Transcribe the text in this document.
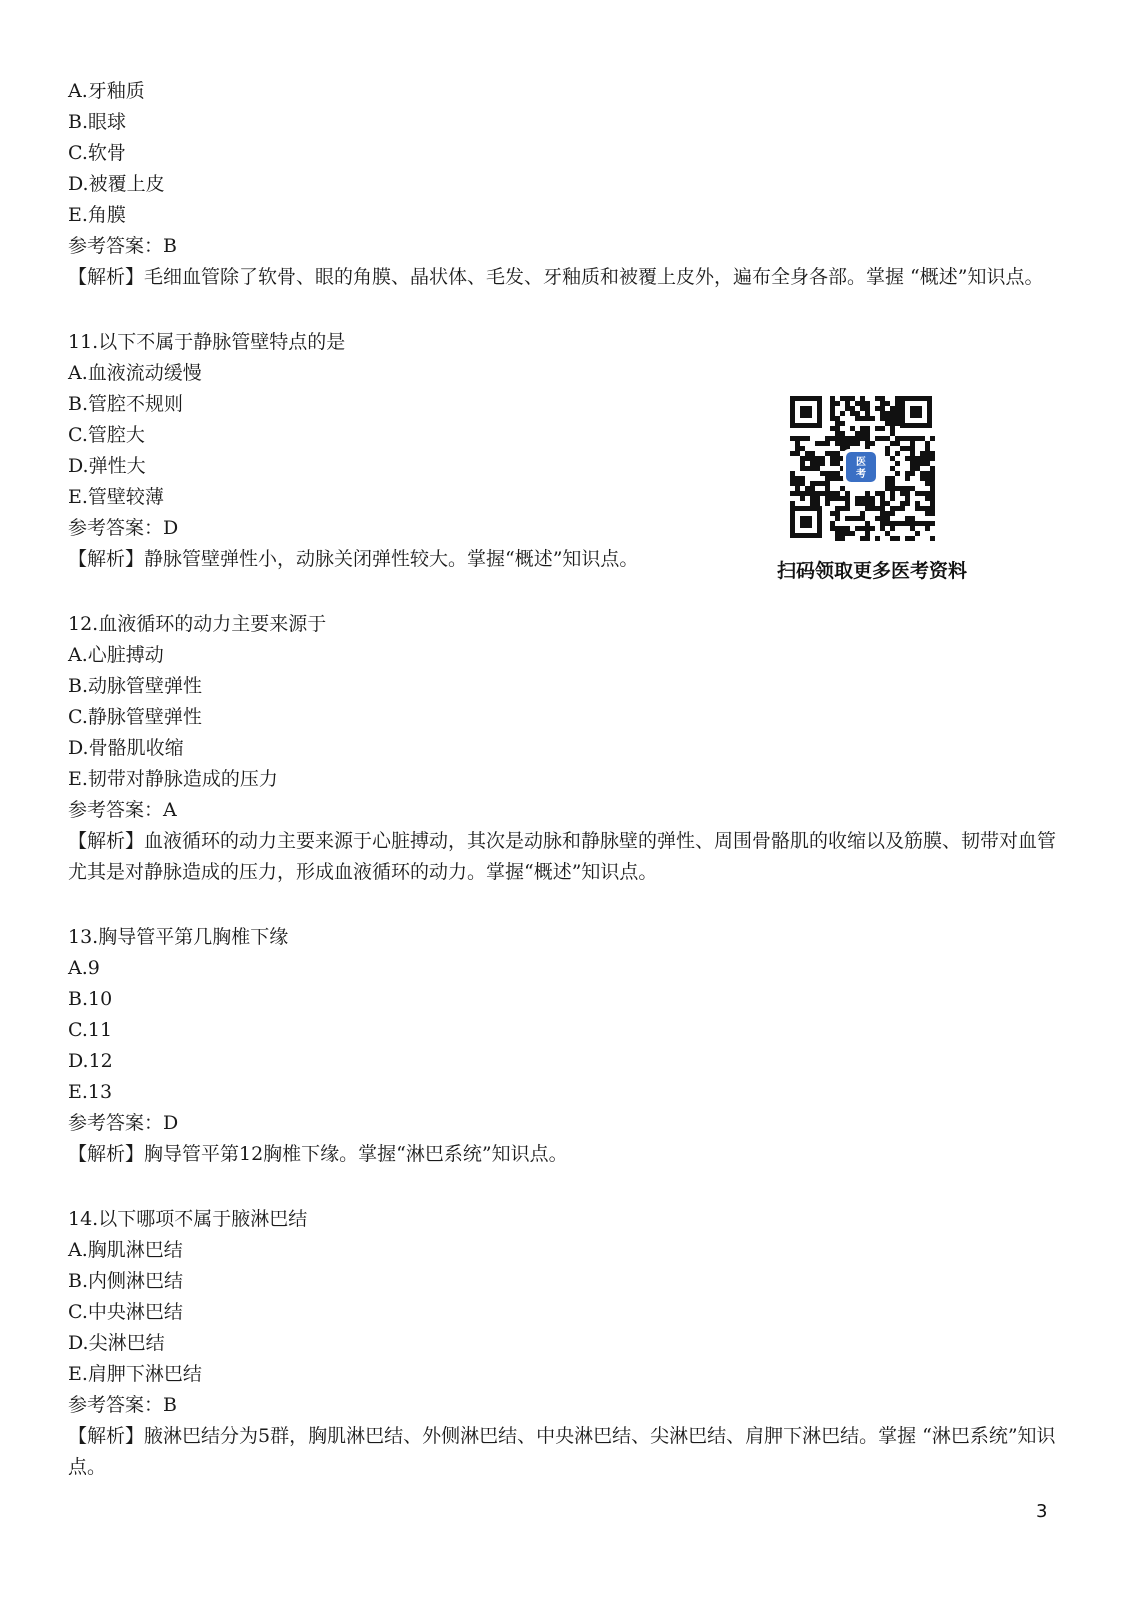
A.牙釉质
B.眼球
C.软骨
D.被覆上皮
E.角膜
参考答案：B
【解析】毛细血管除了软骨、眼的角膜、晶状体、毛发、牙釉质和被覆上皮外，遍布全身各部。掌握 “概述”知识点。
11.以下不属于静脉管壁特点的是
A.血液流动缓慢
B.管腔不规则
C.管腔大
D.弹性大
E.管壁较薄
参考答案：D
【解析】静脉管壁弹性小，动脉关闭弹性较大。掌握“概述”知识点。
12.血液循环的动力主要来源于
A.心脏搏动
B.动脉管壁弹性
C.静脉管壁弹性
D.骨骼肌收缩
E.韧带对静脉造成的压力
参考答案：A
【解析】血液循环的动力主要来源于心脏搏动，其次是动脉和静脉壁的弹性、周围骨骼肌的收缩以及筋膜、韧带对血管尤其是对静脉造成的压力，形成血液循环的动力。掌握“概述”知识点。
13.胸导管平第几胸椎下缘
A.9
B.10
C.11
D.12
E.13
参考答案：D
【解析】胸导管平第12胸椎下缘。掌握“淋巴系统”知识点。
14.以下哪项不属于腋淋巴结
A.胸肌淋巴结
B.内侧淋巴结
C.中央淋巴结
D.尖淋巴结
E.肩胛下淋巴结
参考答案：B
【解析】腋淋巴结分为5群，胸肌淋巴结、外侧淋巴结、中央淋巴结、尖淋巴结、肩胛下淋巴结。掌握 “淋巴系统”知识点。
医
考
扫码领取更多医考资料
3
